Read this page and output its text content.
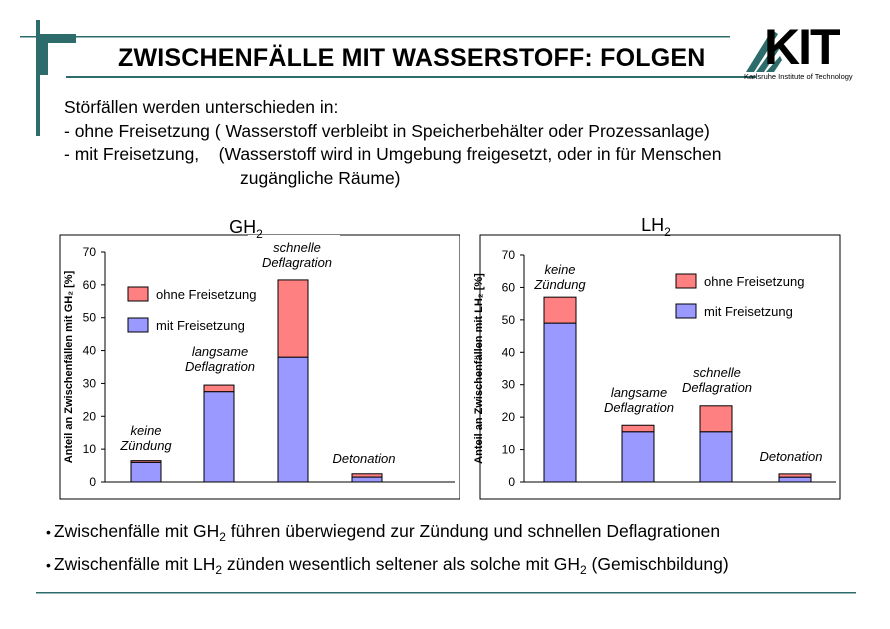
ZWISCHENFÄLLE MIT WASSERSTOFF: FOLGEN KIT
Karlsruhe Institute of Technology
Störfällen werden unterschieden in:
- ohne Freisetzung ( Wasserstoff verbleibt in Speicherbehälter oder Prozessanlage)
- mit Freisetzung,    (Wasserstoff wird in Umgebung freigesetzt, oder in für Menschen
zugängliche Räume)
$GH_2$
Anteil an Zwischenfällen mit GH₂ [%]
0
10
20
30
40
50
60
70
keine
Zündung
langsame
Deflagration
schnelle
Deflagration
Detonation
ohne Freisetzung
mit Freisetzung
$LH_2$
Anteil an Zwischenfällen mit LH₂ [%]
0
10
20
30
40
50
60
70
keine
Zündung
langsame
Deflagration
schnelle
Deflagration
Detonation
ohne Freisetzung
mit Freisetzung
• Zwischenfälle mit $GH_2$ führen überwiegend zur Zündung und schnellen Deflagrationen
• Zwischenfälle mit $LH_2$ zünden wesentlich seltener als solche mit $GH_2$ (Gemischbildung)
